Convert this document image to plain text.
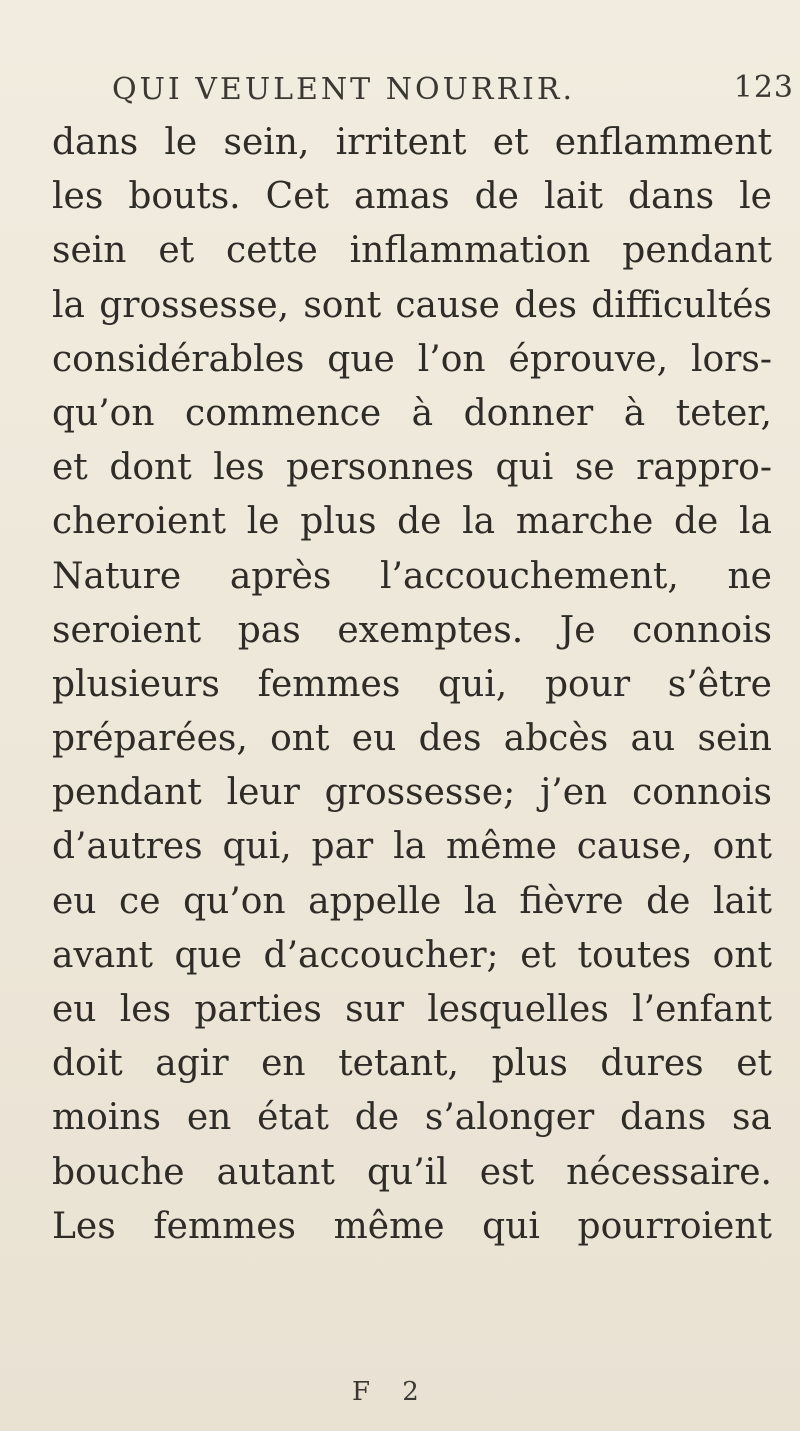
QUI VEULENT NOURRIR.	123
dans le sein, irritent et enflamment
les bouts. Cet amas de lait dans le
sein et cette inflammation pendant
la grossesse, sont cause des difficultés
considérables que l’on éprouve, lors-
qu’on commence à donner à teter,
et dont les personnes qui se rappro-
cheroient le plus de la marche de la
Nature après l’accouchement, ne
seroient pas exemptes. Je connois
plusieurs femmes qui, pour s’être
préparées, ont eu des abcès au sein
pendant leur grossesse; j’en connois
d’autres qui, par la même cause, ont
eu ce qu’on appelle la fièvre de lait
avant que d’accoucher; et toutes ont
eu les parties sur lesquelles l’enfant
doit agir en tetant, plus dures et
moins en état de s’alonger dans sa
bouche autant qu’il est nécessaire.
Les femmes même qui pourroient
F 2
